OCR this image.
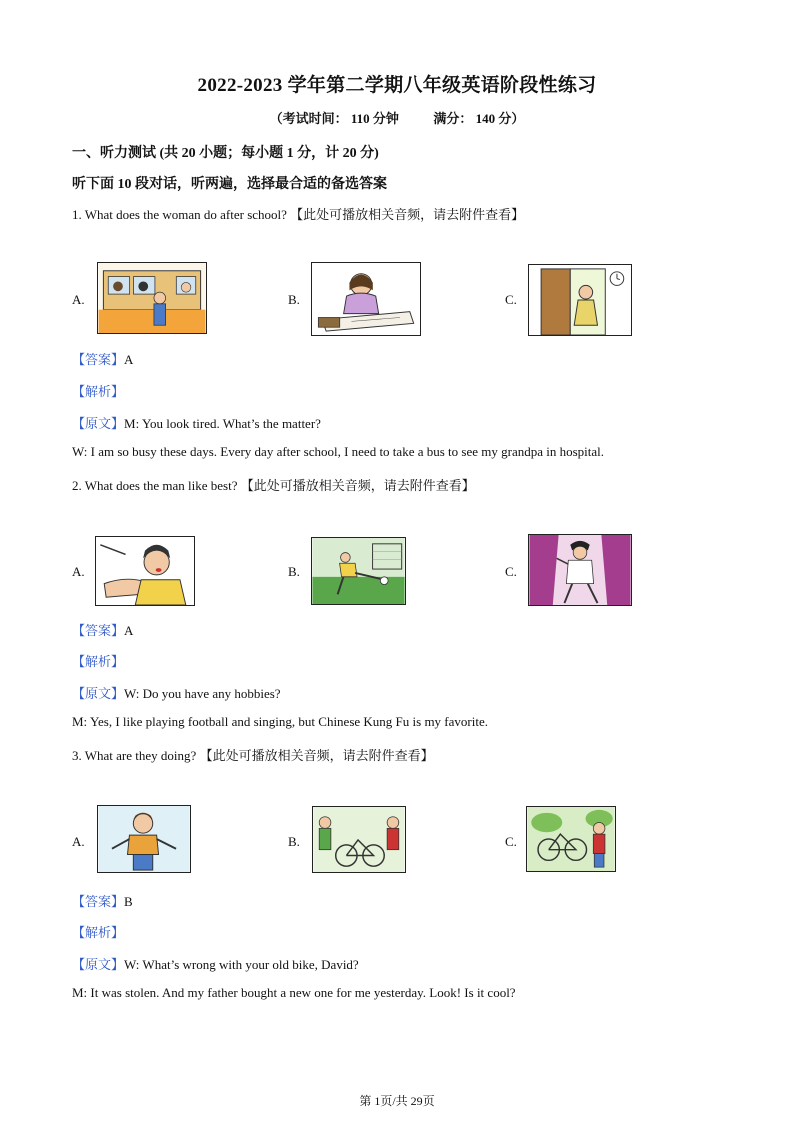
2022-2023 学年第二学期八年级英语阶段性练习
（考试时间： 110 分钟	满分： 140 分）
一、听力测试 (共 20 小题；每小题 1 分，计 20 分)
听下面 10 段对话，听两遍，选择最合适的备选答案
1. What does the woman do after school? 【此处可播放相关音频，请去附件查看】
A.	B.	C.
【答案】A
【解析】
【原文】M: You look tired. What’s the matter?
W: I am so busy these days. Every day after school, I need to take a bus to see my grandpa in hospital.
2. What does the man like best? 【此处可播放相关音频，请去附件查看】
A.	B.	C.
【答案】A
【解析】
【原文】W: Do you have any hobbies?
M: Yes, I like playing football and singing, but Chinese Kung Fu is my favorite.
3. What are they doing? 【此处可播放相关音频，请去附件查看】
A.	B.	C.
【答案】B
【解析】
【原文】W: What’s wrong with your old bike, David?
M: It was stolen. And my father bought a new one for me yesterday. Look! Is it cool?
第 1页/共 29页
